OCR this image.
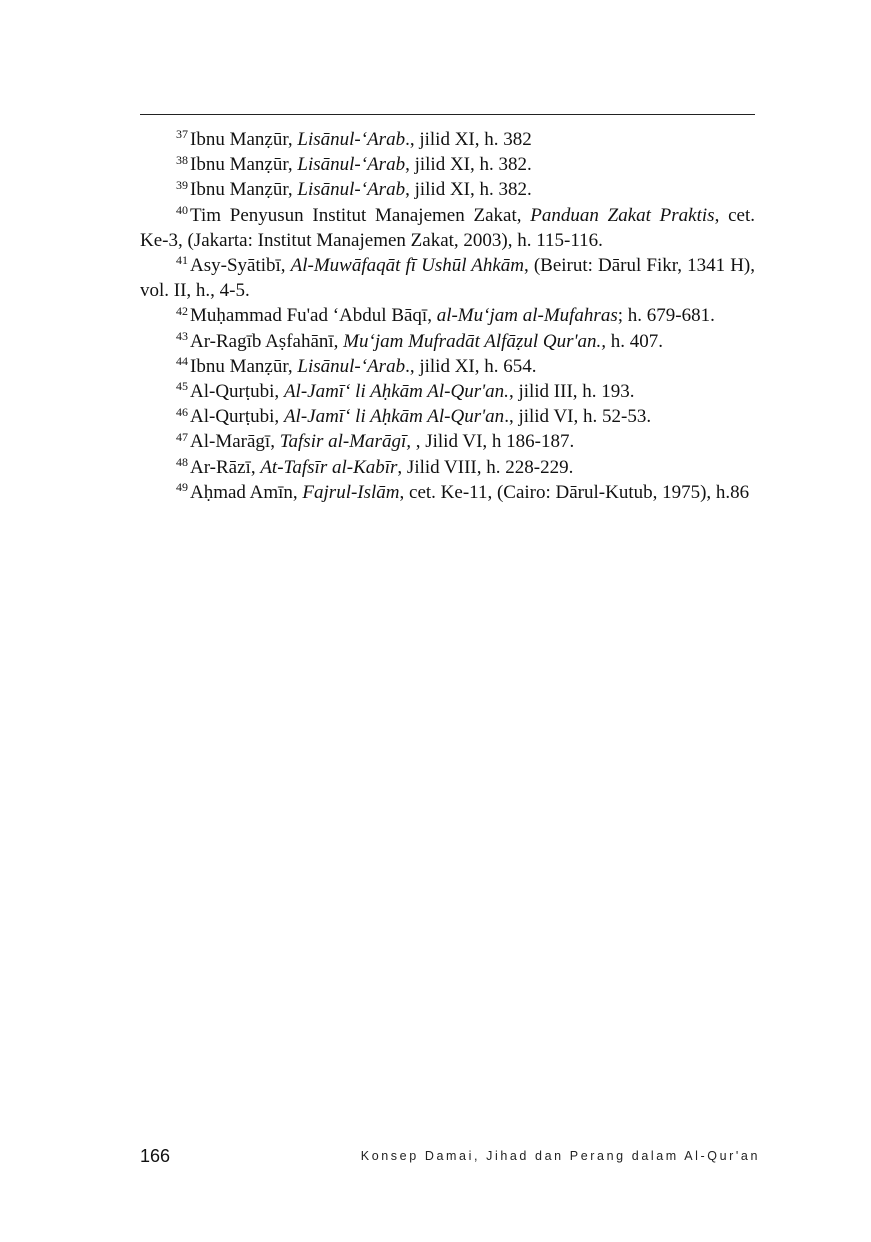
$^{37}$ Ibnu Manẓūr, Lisānul-‘Arab., jilid XI, h. 382

$^{38}$ Ibnu Manẓūr, Lisānul-‘Arab, jilid XI, h. 382.

$^{39}$ Ibnu Manẓūr, Lisānul-‘Arab, jilid XI, h. 382.

$^{40}$ Tim Penyusun Institut Manajemen Zakat, Panduan Zakat Praktis, cet. Ke-3, (Jakarta: Institut Manajemen Zakat, 2003), h. 115-116.

$^{41}$ Asy-Syātibī, Al-Muwāfaqāt fī Ushūl Ahkām, (Beirut: Dārul Fikr, 1341 H), vol. II, h., 4-5.

$^{42}$ Muḥammad Fu'ad ‘Abdul Bāqī, al-Mu‘jam al-Mufahras; h. 679-681.

$^{43}$ Ar-Ragīb Aṣfahānī, Mu‘jam Mufradāt Alfāẓul Qur'an., h. 407.

$^{44}$ Ibnu Manẓūr, Lisānul-‘Arab., jilid XI, h. 654.

$^{45}$ Al-Qurṭubi, Al-Jamī‘ li Aḥkām Al-Qur'an., jilid III, h. 193.

$^{46}$ Al-Qurṭubi, Al-Jamī‘ li Aḥkām Al-Qur'an., jilid VI, h. 52-53.

$^{47}$ Al-Marāgī, Tafsir al-Marāgī, , Jilid VI, h 186-187.

$^{48}$ Ar-Rāzī, At-Tafsīr al-Kabīr, Jilid VIII, h. 228-229.

$^{49}$ Aḥmad Amīn, Fajrul-Islām, cet. Ke-11, (Cairo: Dārul-Kutub, 1975), h.86

166	Konsep Damai, Jihad dan Perang dalam Al-Qur'an
